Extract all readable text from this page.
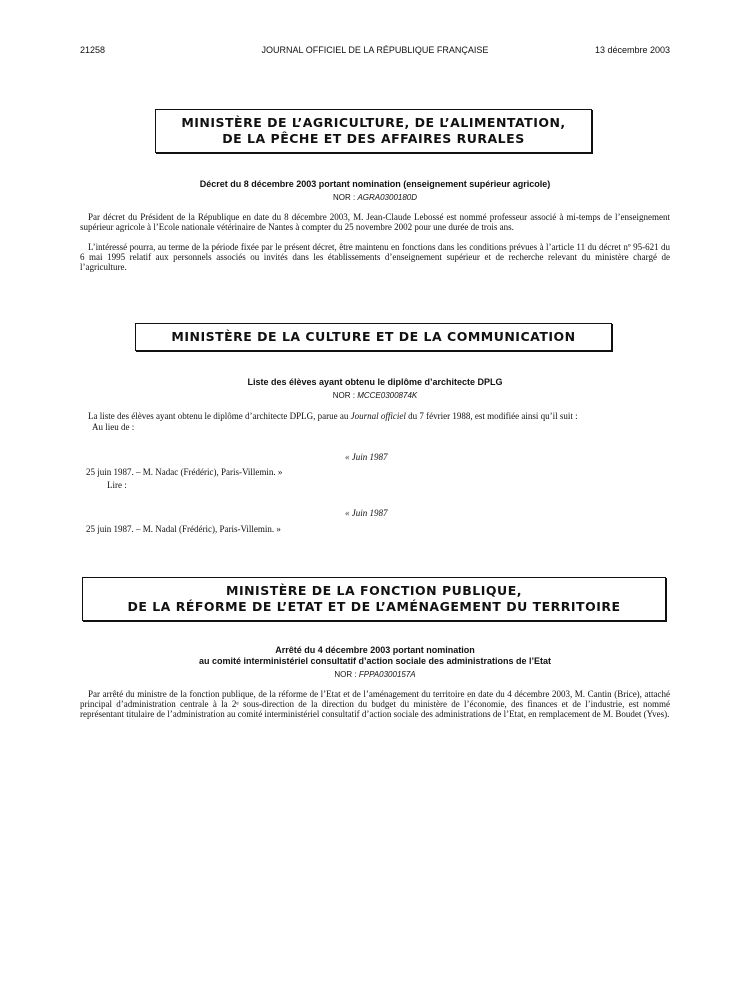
21258	JOURNAL OFFICIEL DE LA RÉPUBLIQUE FRANÇAISE	13 décembre 2003
MINISTÈRE DE L’AGRICULTURE, DE L’ALIMENTATION,
DE LA PÊCHE ET DES AFFAIRES RURALES
Décret du 8 décembre 2003 portant nomination (enseignement supérieur agricole)
NOR : AGRA0300180D
Par décret du Président de la République en date du 8 décembre 2003, M. Jean-Claude Lebossé est nommé professeur associé à mi-temps de l’enseignement supérieur agricole à l’Ecole nationale vétérinaire de Nantes à compter du 25 novembre 2002 pour une durée de trois ans.
L’intéressé pourra, au terme de la période fixée par le présent décret, être maintenu en fonctions dans les conditions prévues à l’article 11 du décret nº 95-621 du 6 mai 1995 relatif aux personnels associés ou invités dans les établissements d’enseignement supérieur et de recherche relevant du ministère chargé de l’agriculture.
MINISTÈRE DE LA CULTURE ET DE LA COMMUNICATION
Liste des élèves ayant obtenu le diplôme d’architecte DPLG
NOR : MCCE0300874K
La liste des élèves ayant obtenu le diplôme d’architecte DPLG, parue au Journal officiel du 7 février 1988, est modifiée ainsi qu’il suit :
Au lieu de :
« Juin 1987
25 juin 1987. – M. Nadac (Frédéric), Paris-Villemin. »
Lire :
« Juin 1987
25 juin 1987. – M. Nadal (Frédéric), Paris-Villemin. »
MINISTÈRE DE LA FONCTION PUBLIQUE,
DE LA RÉFORME DE L’ETAT ET DE L’AMÉNAGEMENT DU TERRITOIRE
Arrêté du 4 décembre 2003 portant nomination
au comité interministériel consultatif d’action sociale des administrations de l’Etat
NOR : FPPA0300157A
Par arrêté du ministre de la fonction publique, de la réforme de l’Etat et de l’aménagement du territoire en date du 4 décembre 2003, M. Cantin (Brice), attaché principal d’administration centrale à la 2ᵉ sous-direction de la direction du budget du ministère de l’économie, des finances et de l’industrie, est nommé représentant titulaire de l’administration au comité interministériel consultatif d’action sociale des administrations de l’Etat, en remplacement de M. Boudet (Yves).
